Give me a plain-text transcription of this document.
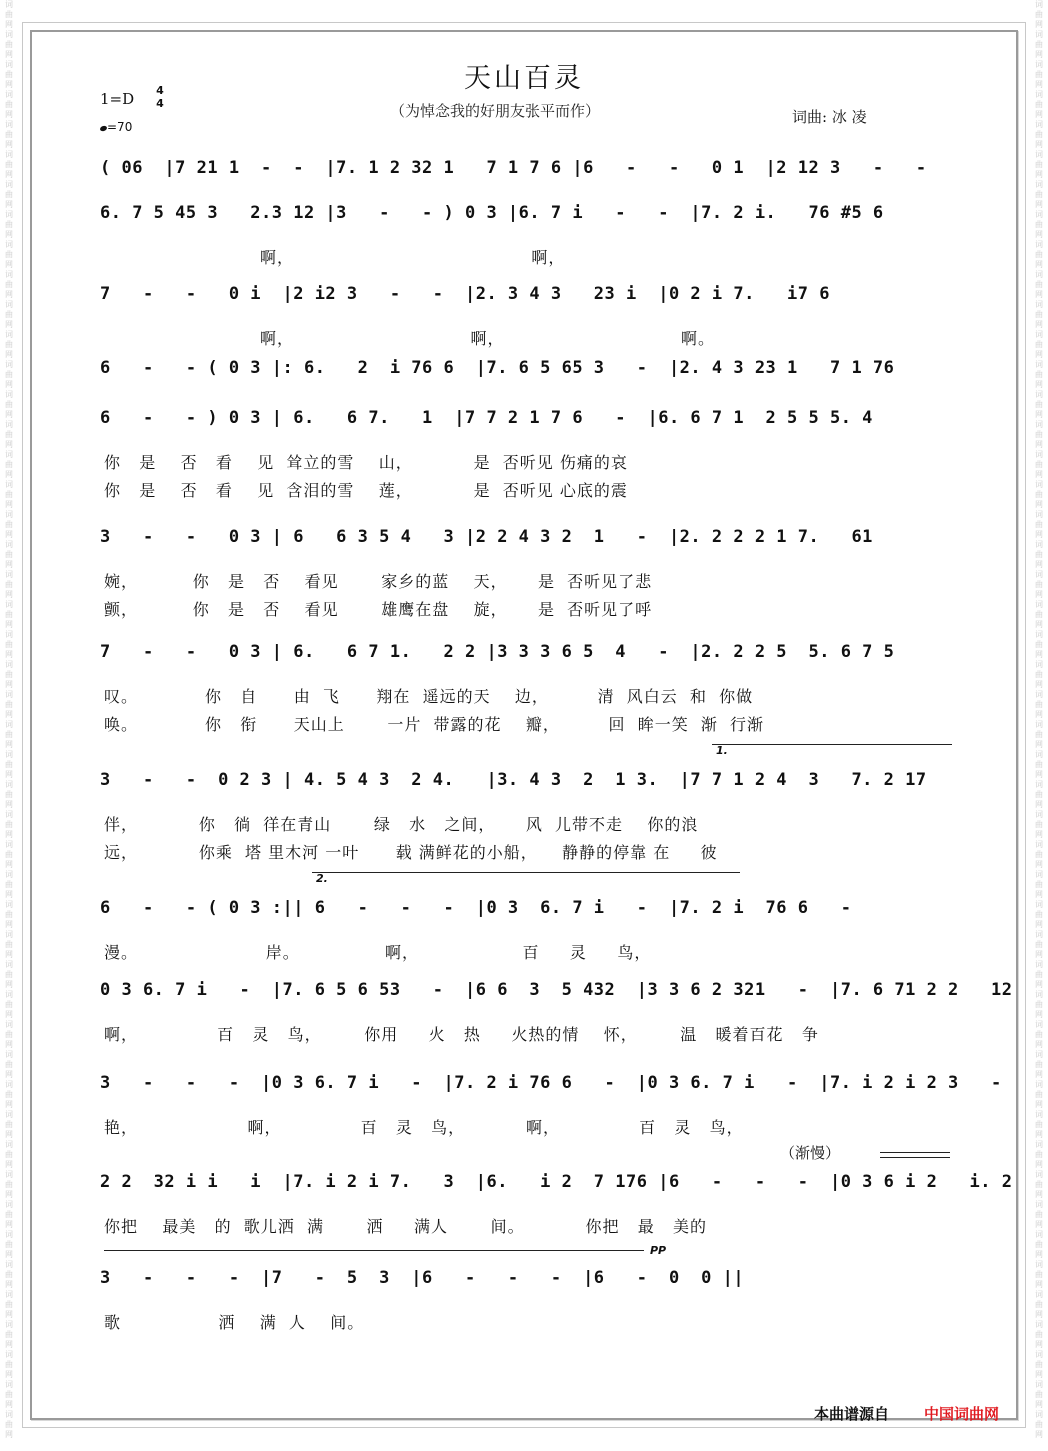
词曲网
词曲网
词曲网
词曲网
词曲网
词曲网
词曲网
词曲网
词曲网
词曲网
词曲网
词曲网
词曲网
词曲网
词曲网
词曲网
词曲网
词曲网
词曲网
词曲网
词曲网
词曲网
词曲网
词曲网
词曲网
词曲网
词曲网
词曲网
词曲网
词曲网
词曲网
词曲网
词曲网
词曲网
词曲网
词曲网
词曲网
词曲网
词曲网
词曲网
词曲网
词曲网
词曲网
词曲网
词曲网
词曲网
词曲网
词曲网
词曲网
词曲网
词曲网
词曲网
词曲网
词曲网
词曲网
词曲网
词曲网
词曲网
词曲网
词曲网
词曲网
词曲网
词曲网
词曲网
词曲网
词曲网
词曲网
词曲网
词曲网
词曲网
词曲网
词曲网
词曲网
词曲网
词曲网
词曲网
词曲网
词曲网
词曲网
词曲网
词曲网
词曲网
词曲网
词曲网
词曲网
词曲网
词曲网
词曲网
词曲网
词曲网
词曲网
词曲网
词曲网
词曲网
词曲网
词曲网
天山百灵
（为悼念我的好朋友张平而作）	词曲: 冰 凌
1=D 4
4
=70
( 06  |7 21 1  -  -  |7. 1 2 32 1   7 1 7 6 |6   -   -   0 1  |2 12 3   -   -
6. 7 5 45 3   2.3 12 |3   -   - ) 0 3 |6. 7 i   -   -  |7. 2 i.   76 #5 6
啊，                                       啊，
7   -   -   0 i  |2 i2 3   -   -  |2. 3 4 3   23 i  |0 2 i 7.   i7 6
啊，                             啊，                             啊。
6   -   - ( 0 3 |: 6.   2  i 76 6  |7. 6 5 65 3   -  |2. 4 3 23 1   7 1 76
6   -   - ) 0 3 | 6.   6 7.   1  |7 7 2 1 7 6   -  |6. 6 7 1  2 5 5 5. 4
你   是    否   看    见  耸立的雪    山，          是  否听见 伤痛的哀
你   是    否   看    见  含泪的雪    莲，          是  否听见 心底的震
3   -   -   0 3 | 6   6 3 5 4   3 |2 2 4 3 2  1   -  |2. 2 2 2 1 7.   61
婉，         你   是   否    看见       家乡的蓝    天，     是  否听见了悲
颤，         你   是   否    看见       雄鹰在盘    旋，     是  否听见了呼
7   -   -   0 3 | 6.   6 7 1.   2 2 |3 3 3 6 5  4   -  |2. 2 2 5  5. 6 7 5
叹。           你   自      由  飞      翔在  遥远的天    边，        清  风白云  和  你做
唤。           你   衔      天山上       一片  带露的花    瓣，        回  眸一笑  渐  行渐
3   -   -  0 2 3 | 4. 5 4 3  2 4.   |3. 4 3  2  1 3.  |7 7 1 2 4  3   7. 2 17
伴，          你   徜  徉在青山       绿   水   之间，     风  儿带不走    你的浪
远，          你乘  塔 里木河 一叶      载 满鲜花的小船，    静静的停靠 在     彼
6   -   - ( 0 3 :|| 6   -   -   -  |0 3  6. 7 i   -  |7. 2 i  76 6   -
漫。                     岸。              啊，                 百     灵     鸟，
0 3 6. 7 i   -  |7. 6 5 6 53   -  |6 6  3  5 432  |3 3 6 2 321   -  |7. 6 71 2 2   12
啊，             百   灵   鸟，       你用     火   热     火热的情    怀，       温   暖着百花   争
3   -   -   -  |0 3 6. 7 i   -  |7. 2 i 76 6   -  |0 3 6. 7 i   -  |7. i 2 i 2 3   -
艳，                  啊，             百   灵   鸟，          啊，             百   灵   鸟，
2 2  32 i i   i  |7. i 2 i 7.   3  |6.   i 2  7 176 |6   -   -   -  |0 3 6 i 2   i. 2
你把    最美   的  歌儿洒  满       洒     满人       间。          你把   最   美的
3   -   -   -  |7   -  5  3  |6   -   -   -  |6   -  0  0 ||
歌                洒    满  人    间。
（渐慢）
PP
1.
2.
本曲谱源自 中国词曲网
